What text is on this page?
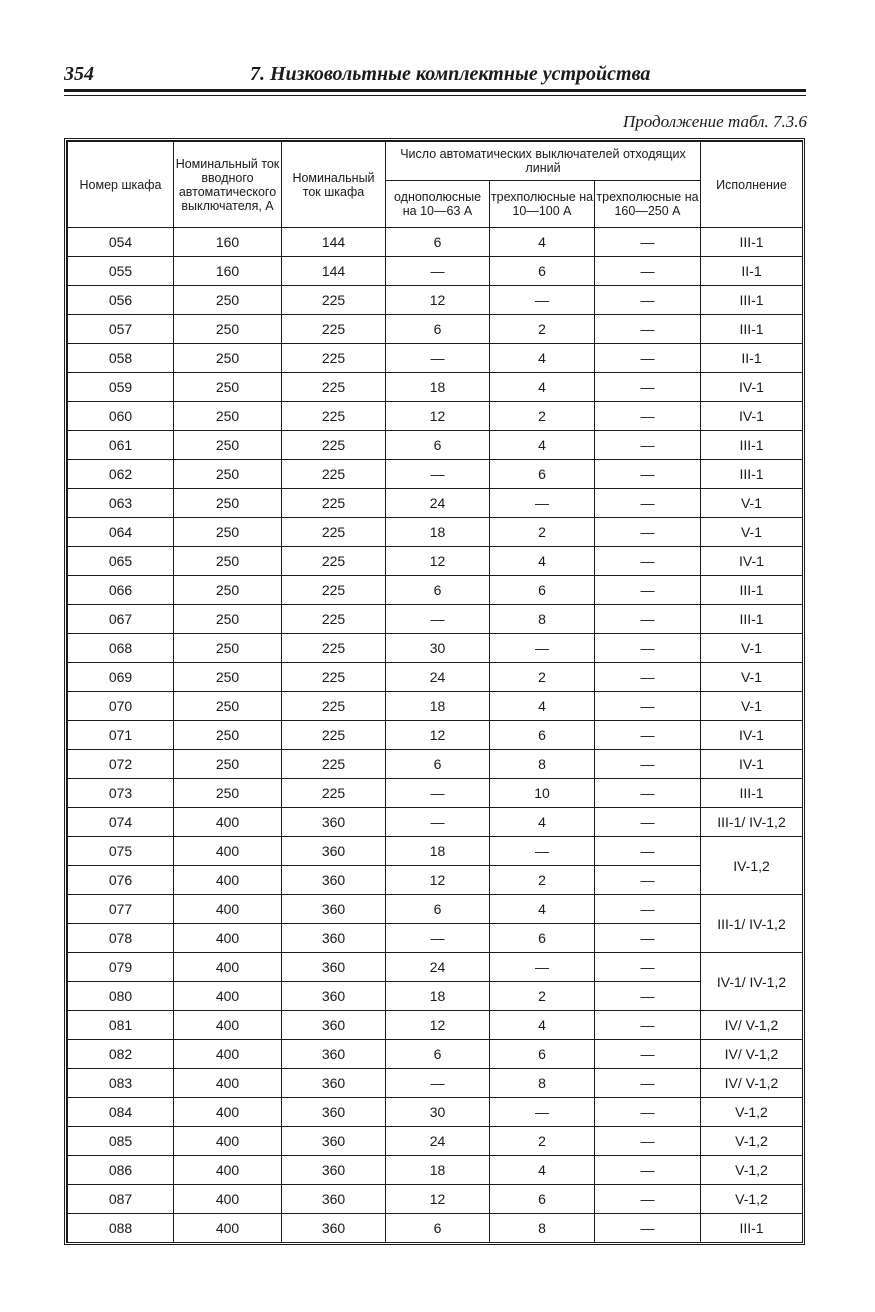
354	7. Низковольтные комплектные устройства
Продолжение табл. 7.3.6
Номер шкафа	Номинальный ток вводного автоматического выключателя, А	Номинальный ток шкафа	Число автоматических выключателей отходящих линий			Исполнение
			однополюсные на 10—63 А	трехполюсные на 10—100 А	трехполюсные на 160—250 А	
054	160	144	6	4	—	III-1
055	160	144	—	6	—	II-1
056	250	225	12	—	—	III-1
057	250	225	6	2	—	III-1
058	250	225	—	4	—	II-1
059	250	225	18	4	—	IV-1
060	250	225	12	2	—	IV-1
061	250	225	6	4	—	III-1
062	250	225	—	6	—	III-1
063	250	225	24	—	—	V-1
064	250	225	18	2	—	V-1
065	250	225	12	4	—	IV-1
066	250	225	6	6	—	III-1
067	250	225	—	8	—	III-1
068	250	225	30	—	—	V-1
069	250	225	24	2	—	V-1
070	250	225	18	4	—	V-1
071	250	225	12	6	—	IV-1
072	250	225	6	8	—	IV-1
073	250	225	—	10	—	III-1
074	400	360	—	4	—	III-1/ IV-1,2
075	400	360	18	—	—	IV-1,2
076	400	360	12	2	—	
077	400	360	6	4	—	III-1/ IV-1,2
078	400	360	—	6	—	
079	400	360	24	—	—	IV-1/ IV-1,2
080	400	360	18	2	—	
081	400	360	12	4	—	IV/ V-1,2
082	400	360	6	6	—	IV/ V-1,2
083	400	360	—	8	—	IV/ V-1,2
084	400	360	30	—	—	V-1,2
085	400	360	24	2	—	V-1,2
086	400	360	18	4	—	V-1,2
087	400	360	12	6	—	V-1,2
088	400	360	6	8	—	III-1
